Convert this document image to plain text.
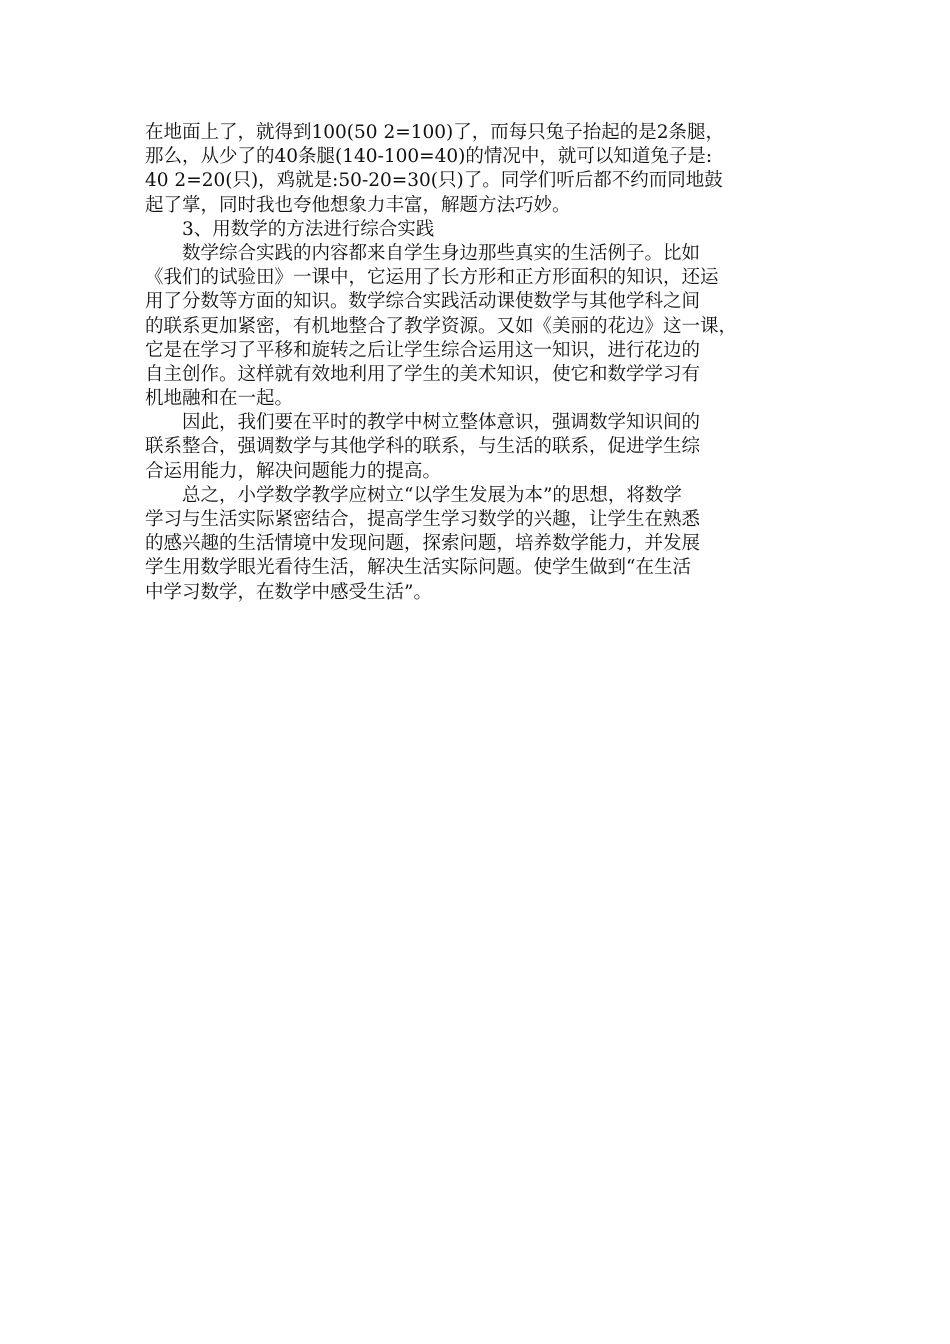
在地面上了，就得到100(50 2=100)了，而每只兔子抬起的是2条腿，
那么，从少了的40条腿(140-100=40)的情况中，就可以知道兔子是:
40 2=20(只)，鸡就是:50-20=30(只)了。同学们听后都不约而同地鼓
起了掌，同时我也夸他想象力丰富，解题方法巧妙。
　　3、用数学的方法进行综合实践
　　数学综合实践的内容都来自学生身边那些真实的生活例子。比如
《我们的试验田》一课中，它运用了长方形和正方形面积的知识，还运
用了分数等方面的知识。数学综合实践活动课使数学与其他学科之间
的联系更加紧密，有机地整合了教学资源。又如《美丽的花边》这一课，
它是在学习了平移和旋转之后让学生综合运用这一知识，进行花边的
自主创作。这样就有效地利用了学生的美术知识，使它和数学学习有
机地融和在一起。
　　因此，我们要在平时的教学中树立整体意识，强调数学知识间的
联系整合，强调数学与其他学科的联系，与生活的联系，促进学生综
合运用能力，解决问题能力的提高。
　　总之，小学数学教学应树立“以学生发展为本”的思想，将数学
学习与生活实际紧密结合，提高学生学习数学的兴趣，让学生在熟悉
的感兴趣的生活情境中发现问题，探索问题，培养数学能力，并发展
学生用数学眼光看待生活，解决生活实际问题。使学生做到“在生活
中学习数学，在数学中感受生活”。
